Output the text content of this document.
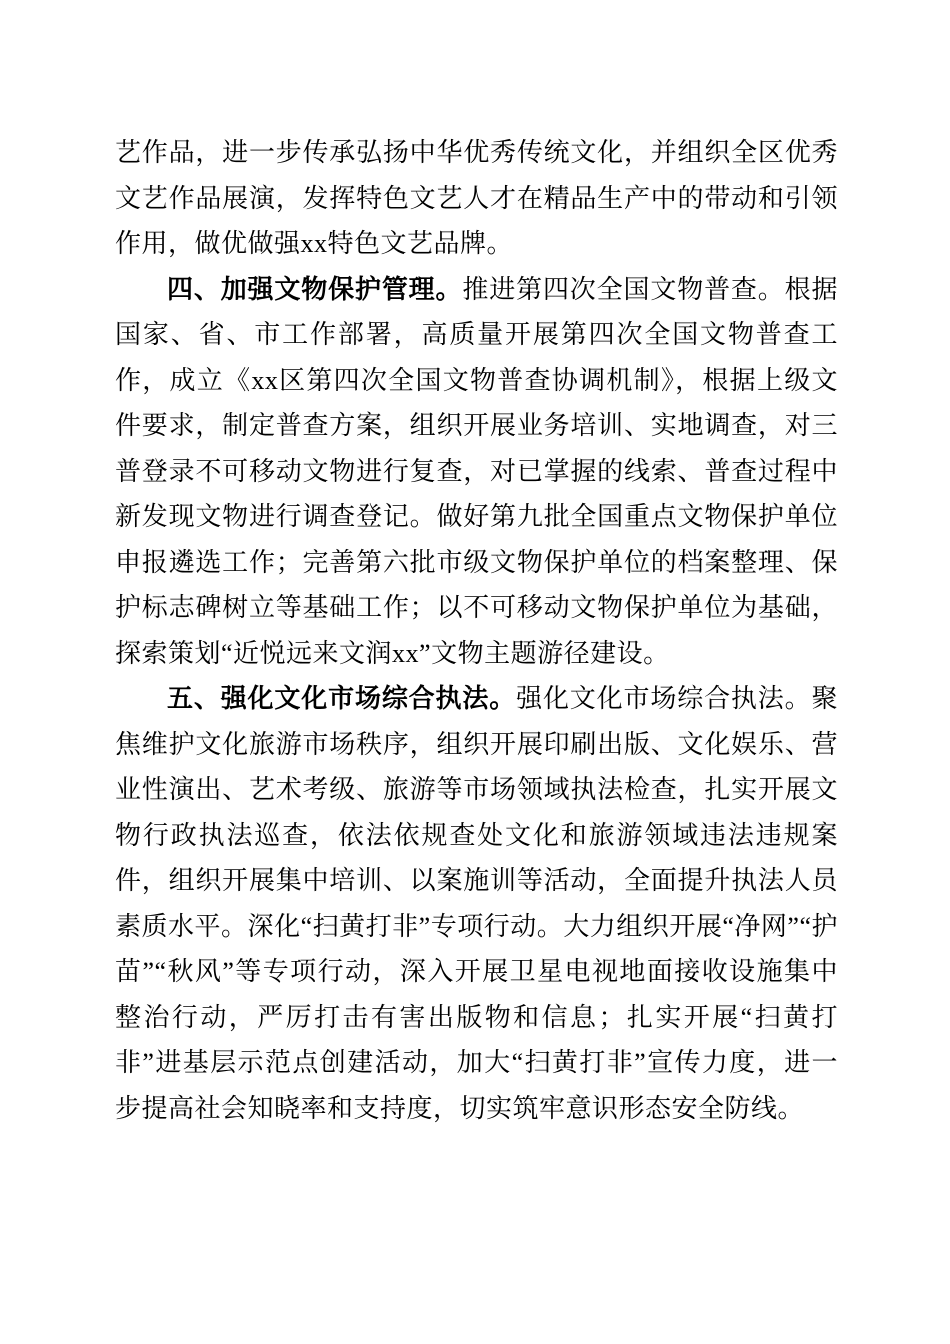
艺作品，进一步传承弘扬中华优秀传统文化，并组织全区优秀文艺作品展演，发挥特色文艺人才在精品生产中的带动和引领作用，做优做强xx特色文艺品牌。

四、加强文物保护管理。推进第四次全国文物普查。根据国家、省、市工作部署，高质量开展第四次全国文物普查工作，成立《xx区第四次全国文物普查协调机制》，根据上级文件要求，制定普查方案，组织开展业务培训、实地调查，对三普登录不可移动文物进行复查，对已掌握的线索、普查过程中新发现文物进行调查登记。做好第九批全国重点文物保护单位申报遴选工作；完善第六批市级文物保护单位的档案整理、保护标志碑树立等基础工作；以不可移动文物保护单位为基础，探索策划“近悦远来文润xx”文物主题游径建设。

五、强化文化市场综合执法。强化文化市场综合执法。聚焦维护文化旅游市场秩序，组织开展印刷出版、文化娱乐、营业性演出、艺术考级、旅游等市场领域执法检查，扎实开展文物行政执法巡查，依法依规查处文化和旅游领域违法违规案件，组织开展集中培训、以案施训等活动，全面提升执法人员素质水平。深化“扫黄打非”专项行动。大力组织开展“净网”“护苗”“秋风”等专项行动，深入开展卫星电视地面接收设施集中整治行动，严厉打击有害出版物和信息；扎实开展“扫黄打非”进基层示范点创建活动，加大“扫黄打非”宣传力度，进一步提高社会知晓率和支持度，切实筑牢意识形态安全防线。
